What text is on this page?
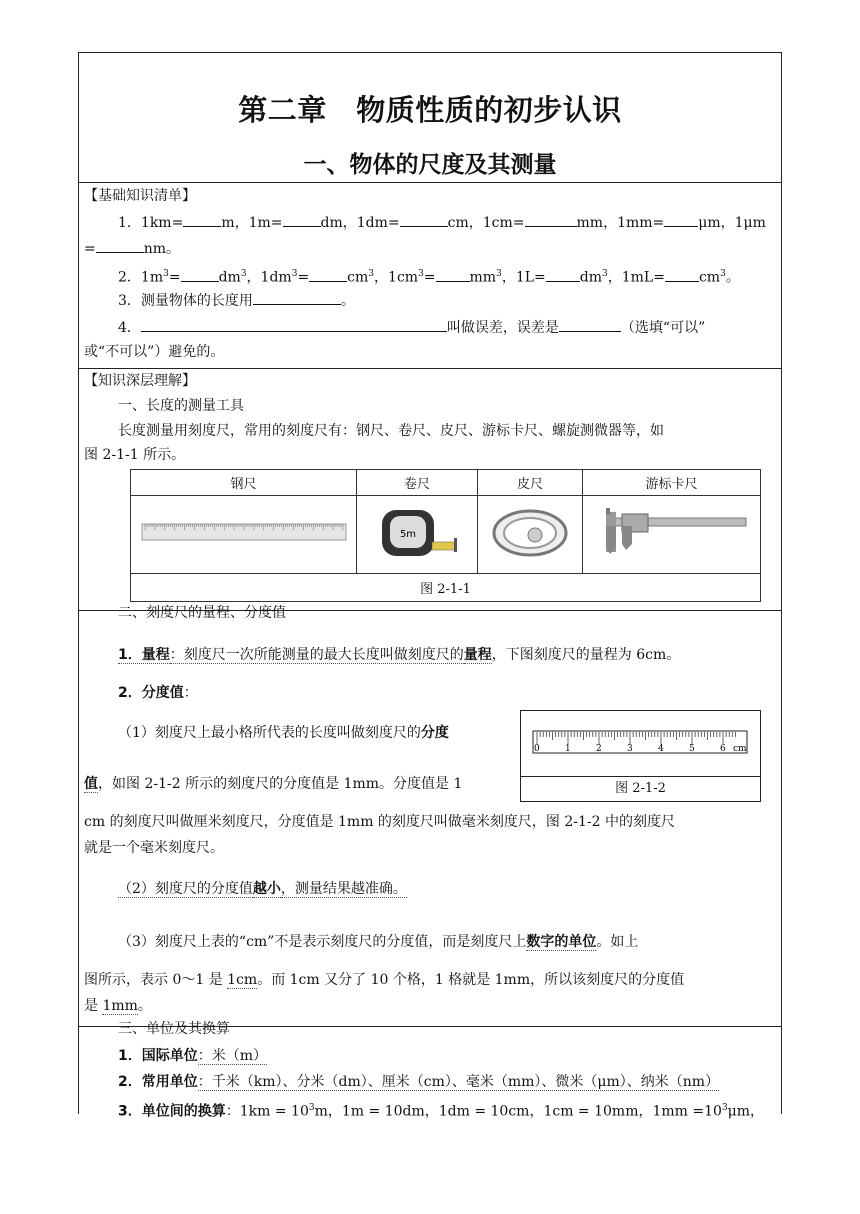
第二章　物质性质的初步认识
一、物体的尺度及其测量
【基础知识清单】
1．1km=	m，1m=	dm，1dm=	cm，1cm=	mm，1mm= μm，1μm
=	nm。
2．$1m^3=$	$dm^3$，$1dm^3=$	$cm^3$，$1cm^3= mm^3$，$1L= dm^3$，$1mL= cm^3$。
3．测量物体的长度用	。
4．	叫做误差，误差是	（选填“可以”
或“不可以”）避免的。
【知识深层理解】
一、长度的测量工具
长度测量用刻度尺，常用的刻度尺有：钢尺、卷尺、皮尺、游标卡尺、螺旋测微器等，如
图 2-1-1 所示。
钢尺	卷尺	皮尺	游标卡尺

5m

图 2-1-1			
二、刻度尺的量程、分度值
1．量程：刻度尺一次所能测量的最大长度叫做刻度尺的量程，下图刻度尺的量程为 6cm。
2．分度值：
（1）刻度尺上最小格所代表的长度叫做刻度尺的分度
0	1	2	3	4	5	6 cm
图 2-1-2
值，如图 2-1-2 所示的刻度尺的分度值是 1mm。分度值是 1
cm 的刻度尺叫做厘米刻度尺，分度值是 1mm 的刻度尺叫做毫米刻度尺，图 2-1-2 中的刻度尺
就是一个毫米刻度尺。
（2）刻度尺的分度值越小，测量结果越准确。
（3）刻度尺上表的“cm”不是表示刻度尺的分度值，而是刻度尺上数字的单位。如上
图所示，表示 0～1 是 1cm。而 1cm 又分了 10 个格，1 格就是 1mm，所以该刻度尺的分度值
是 1mm。
三、单位及其换算
1．国际单位：米（m）
2．常用单位：千米（km）、分米（dm）、厘米（cm）、毫米（mm）、微米（μm）、纳米（nm）
3．单位间的换算：$1km = 10^3m$，1m = 10dm，1dm = 10cm，1cm = 10mm，$1mm =10^3\mu m$，
